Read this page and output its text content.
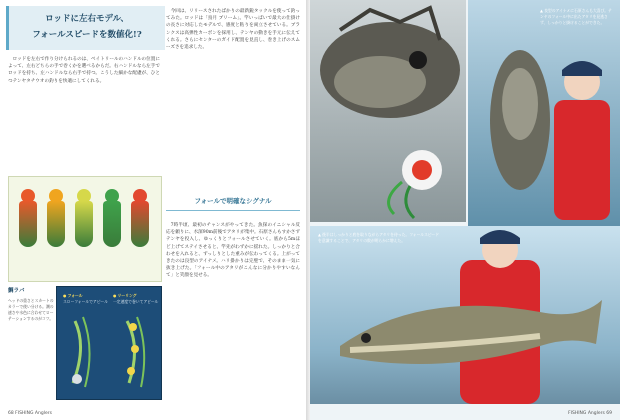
ロッドに左右モデル、
フォールスピードを数値化!?

ロッドを左右で作り分けられるのは、ベイトリールのハンドルの位置によって、左右どちらの手で巻くかを選べるからだ。右ハンドルなら左手でロッドを持ち、左ハンドルなら右手で持つ。こうした細かな配慮が、ひとつテンヤタチウオの釣りを快適にしてくれる。

今回は、リリースされたばかりの最新鋭タックルを使って釣ってみた。ロッドは「鳥月 ブリーム」。竿いっぱいで最大の仕掛けの長さに対応したモデルで、感度と粘りを両立させている。ブランクスは高弾性カーボンを採用し、テンヤの動きを手元に伝えてくれる。さらにセンターのガイド配置を見直し、巻き上げのスムーズさを追求した。

フォールで明確なシグナル

7時半頃、最初のチャンスがやってきた。魚探のイニシャル反応を頼りに、水深90m前後でアタリが集中。石原さんもすかさずテンヤを投入し、ゆっくりとフォールさせていく。底から5mほど上げてステイさせると、竿先がわずかに揺れた。しっかりと合わせを入れると、ずっしりとした重みが伝わってくる。上がってきたのは良型のアイナメ。ハリ掛かりは完璧で、そのまま一気に抜き上げた。「フォール中のアタリがこんなに分かりやすいなんて」と笑顔を見せる。

鯛ラバ
ヘッドの重さとスカートのカラーで使い分ける。潮の速さや水色に合わせてローテーションするのがコツ。
● フォール
スローフォールでアピール
● リーリング
一定速度で巻いてアピール
68 FISHING Anglers	FISHING Anglers 69
▲ 良型のアイナメに石原さんも大喜び。テンヤのフォール中に出たアタリを見逃さず、しっかりと掛けることができた。
▲ 後半はしっかりと底を取りながらアタリを待った。フォールスピードを意識することで、アタリの数が明らかに増えた。
